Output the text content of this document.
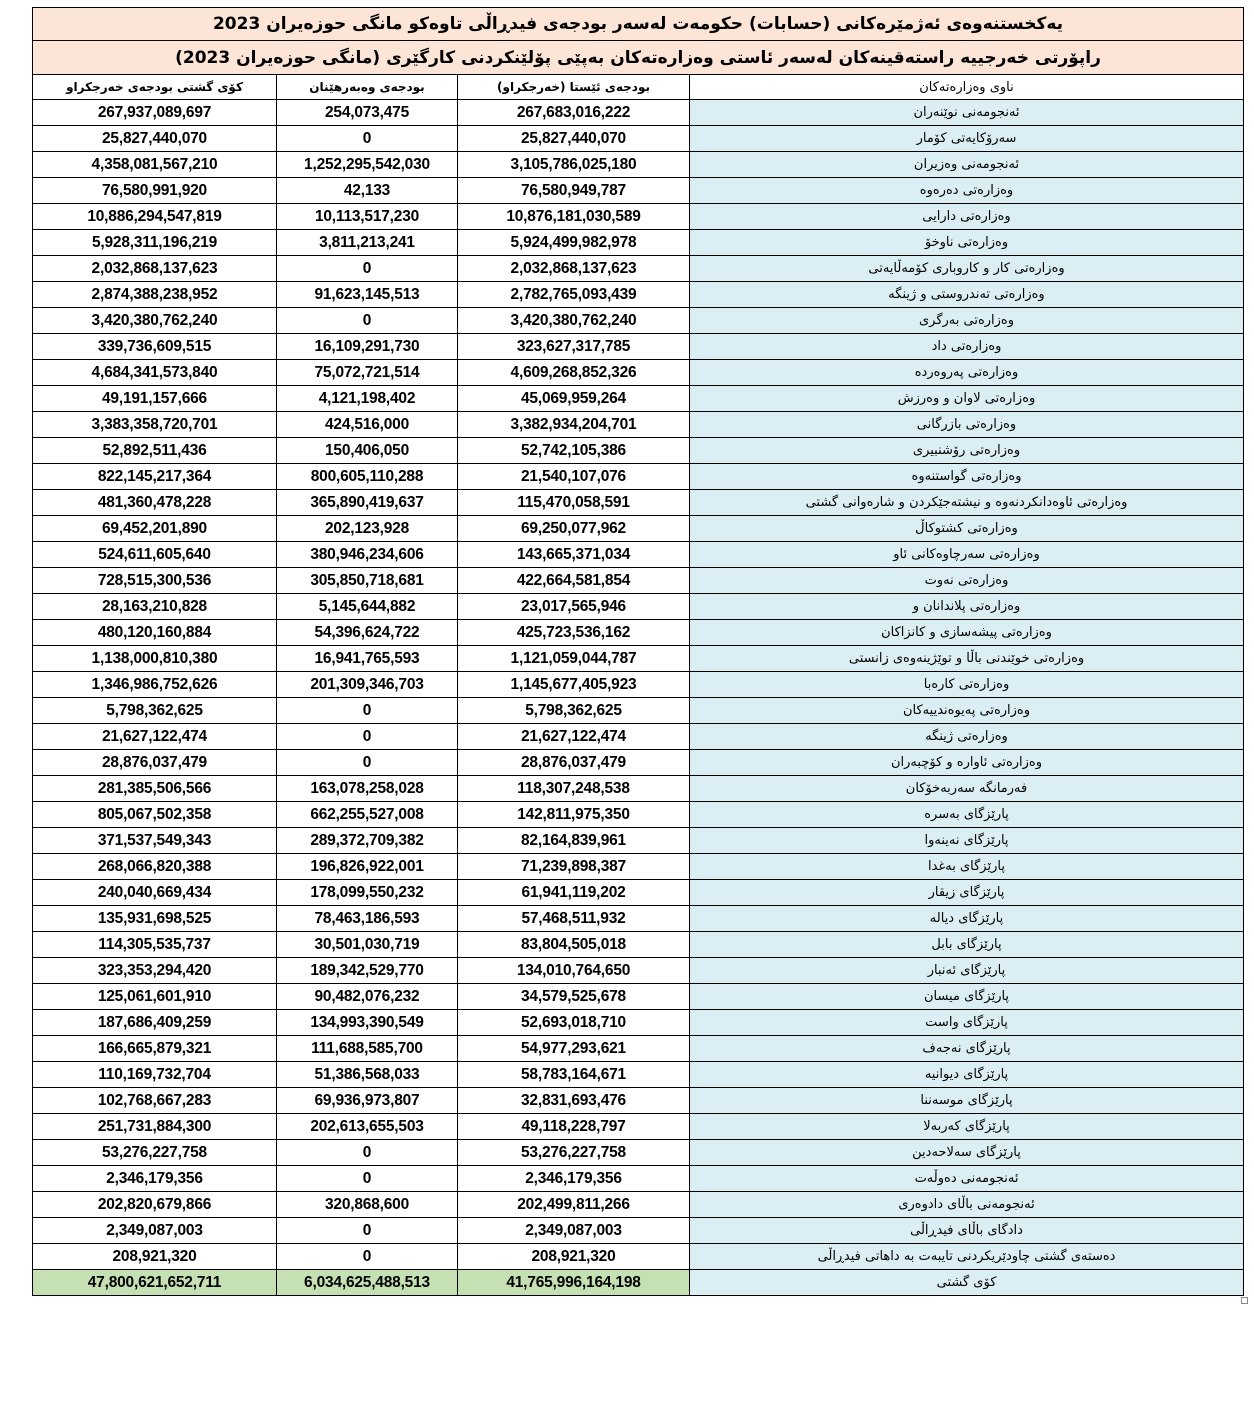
یەکخستنەوەی ئەژمێرەکانی (حسابات) حکومەت لەسەر بودجەی فیدڕاڵی تاوەکو مانگی حوزەیران 2023			
راپۆرتی خەرجییە راستەقینەکان لەسەر ئاستی وەزارەتەکان بەپێی پۆلێنکردنی کارگێری (مانگی حوزەیران 2023)			
کۆی گشتی بودجەی خەرجکراو	بودجەی وەبەرهێنان	بودجەی ئێستا (خەرجکراو)	ناوی وەزارەتەکان
267,937,089,697	254,073,475	267,683,016,222	ئەنجومەنی نوێنەران
25,827,440,070	0	25,827,440,070	سەرۆکایەتی کۆمار
4,358,081,567,210	1,252,295,542,030	3,105,786,025,180	ئەنجومەنی وەزیران
76,580,991,920	42,133	76,580,949,787	وەزارەتی دەرەوە
10,886,294,547,819	10,113,517,230	10,876,181,030,589	وەزارەتی دارایی
5,928,311,196,219	3,811,213,241	5,924,499,982,978	وەزارەتی ناوخۆ
2,032,868,137,623	0	2,032,868,137,623	وەزارەتی کار و کاروباری کۆمەڵایەتی
2,874,388,238,952	91,623,145,513	2,782,765,093,439	وەزارەتی تەندروستی و ژینگە
3,420,380,762,240	0	3,420,380,762,240	وەزارەتی بەرگری
339,736,609,515	16,109,291,730	323,627,317,785	وەزارەتی داد
4,684,341,573,840	75,072,721,514	4,609,268,852,326	وەزارەتی پەروەردە
49,191,157,666	4,121,198,402	45,069,959,264	وەزارەتی لاوان و وەرزش
3,383,358,720,701	424,516,000	3,382,934,204,701	وەزارەتی بازرگانی
52,892,511,436	150,406,050	52,742,105,386	وەزارەتی رۆشنبیری
822,145,217,364	800,605,110,288	21,540,107,076	وەزارەتی گواستنەوە
481,360,478,228	365,890,419,637	115,470,058,591	وەزارەتی ئاوەدانکردنەوە و نیشتەجێکردن و شارەوانی گشتی
69,452,201,890	202,123,928	69,250,077,962	وەزارەتی کشتوکاڵ
524,611,605,640	380,946,234,606	143,665,371,034	وەزارەتی سەرچاوەکانی ئاو
728,515,300,536	305,850,718,681	422,664,581,854	وەزارەتی نەوت
28,163,210,828	5,145,644,882	23,017,565,946	وەزارەتی پلاندانان و
480,120,160,884	54,396,624,722	425,723,536,162	وەزارەتی پیشەسازی و کانزاکان
1,138,000,810,380	16,941,765,593	1,121,059,044,787	وەزارەتی خوێندنی باڵا و توێژینەوەی زانستی
1,346,986,752,626	201,309,346,703	1,145,677,405,923	وەزارەتی کارەبا
5,798,362,625	0	5,798,362,625	وەزارەتی پەیوەندییەکان
21,627,122,474	0	21,627,122,474	وەزارەتی ژینگە
28,876,037,479	0	28,876,037,479	وەزارەتی ئاوارە و کۆچبەران
281,385,506,566	163,078,258,028	118,307,248,538	فەرمانگە سەربەخۆکان
805,067,502,358	662,255,527,008	142,811,975,350	پارێزگای بەسرە
371,537,549,343	289,372,709,382	82,164,839,961	پارێزگای نەینەوا
268,066,820,388	196,826,922,001	71,239,898,387	پارێزگای بەغدا
240,040,669,434	178,099,550,232	61,941,119,202	پارێزگای زیقار
135,931,698,525	78,463,186,593	57,468,511,932	پارێزگای دیالە
114,305,535,737	30,501,030,719	83,804,505,018	پارێزگای بابل
323,353,294,420	189,342,529,770	134,010,764,650	پارێزگای ئەنبار
125,061,601,910	90,482,076,232	34,579,525,678	پارێزگای میسان
187,686,409,259	134,993,390,549	52,693,018,710	پارێزگای واست
166,665,879,321	111,688,585,700	54,977,293,621	پارێزگای نەجەف
110,169,732,704	51,386,568,033	58,783,164,671	پارێزگای دیوانیە
102,768,667,283	69,936,973,807	32,831,693,476	پارێزگای موسەننا
251,731,884,300	202,613,655,503	49,118,228,797	پارێزگای کەربەلا
53,276,227,758	0	53,276,227,758	پارێزگای سەلاحەدین
2,346,179,356	0	2,346,179,356	ئەنجومەنی دەوڵەت
202,820,679,866	320,868,600	202,499,811,266	ئەنجومەنی باڵای دادوەری
2,349,087,003	0	2,349,087,003	دادگای باڵای فیدڕاڵی
208,921,320	0	208,921,320	دەستەی گشتی چاودێریکردنی تایبەت بە داهاتی فیدڕاڵی
47,800,621,652,711	6,034,625,488,513	41,765,996,164,198	کۆی گشتی
